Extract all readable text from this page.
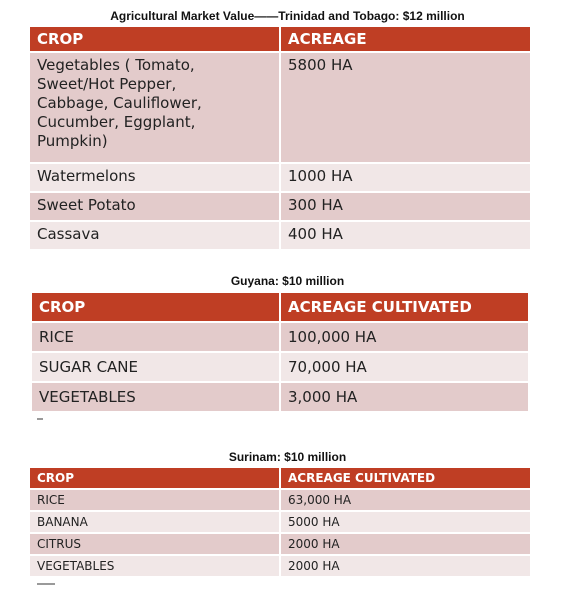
Agricultural Market Value——Trinidad and Tobago: $12 million
CROP	ACREAGE
Vegetables ( Tomato, Sweet/Hot Pepper, Cabbage, Cauliflower, Cucumber, Eggplant, Pumpkin)	5800 HA
Watermelons	1000 HA
Sweet Potato	300 HA
Cassava	400 HA
Guyana: $10 million
CROP	ACREAGE CULTIVATED
RICE	100,000 HA
SUGAR CANE	70,000 HA
VEGETABLES	3,000 HA
Surinam: $10 million
CROP	ACREAGE CULTIVATED
RICE	63,000 HA
BANANA	5000 HA
CITRUS	2000 HA
VEGETABLES	2000 HA
